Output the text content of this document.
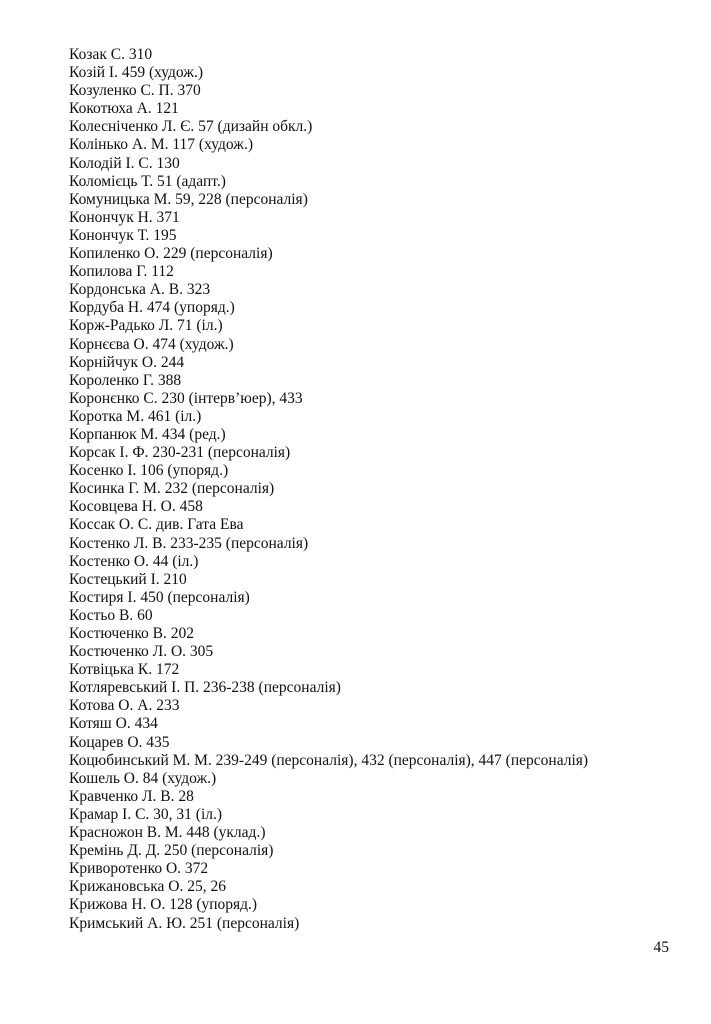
Козак С. 310
Козій І. 459 (худож.)
Козуленко С. П. 370
Кокотюха А. 121
Колесніченко Л. Є. 57 (дизайн обкл.)
Колінько А. М. 117 (худож.)
Колодій І. С. 130
Коломієць Т. 51 (адапт.)
Комуницька М. 59, 228 (персоналія)
Конончук Н. 371
Конончук Т. 195
Копиленко О. 229 (персоналія)
Копилова Г. 112
Кордонська А. В. 323
Кордуба Н. 474 (упоряд.)
Корж-Радько Л. 71 (іл.)
Корнєєва О. 474 (худож.)
Корнійчук О. 244
Короленко Г. 388
Коронєнко С. 230 (інтерв’юер), 433
Коротка М. 461 (іл.)
Корпанюк М. 434 (ред.)
Корсак І. Ф. 230-231 (персоналія)
Косенко І. 106 (упоряд.)
Косинка Г. М. 232 (персоналія)
Косовцева Н. О. 458
Коссак О. С. див. Гата Ева
Костенко Л. В. 233-235 (персоналія)
Костенко О. 44 (іл.)
Костецький І. 210
Костиря І. 450 (персоналія)
Костьо В. 60
Костюченко В. 202
Костюченко Л. О. 305
Котвіцька К. 172
Котляревський І. П. 236-238 (персоналія)
Котова О. А. 233
Котяш О. 434
Коцарев О. 435
Коцюбинський М. М. 239-249 (персоналія), 432 (персоналія), 447 (персоналія)
Кошель О. 84 (худож.)
Кравченко Л. В. 28
Крамар І. С. 30, 31 (іл.)
Красножон В. М. 448 (уклад.)
Кремінь Д. Д. 250 (персоналія)
Криворотенко О. 372
Крижановська О. 25, 26
Крижова Н. О. 128 (упоряд.)
Кримський А. Ю. 251 (персоналія)
45
